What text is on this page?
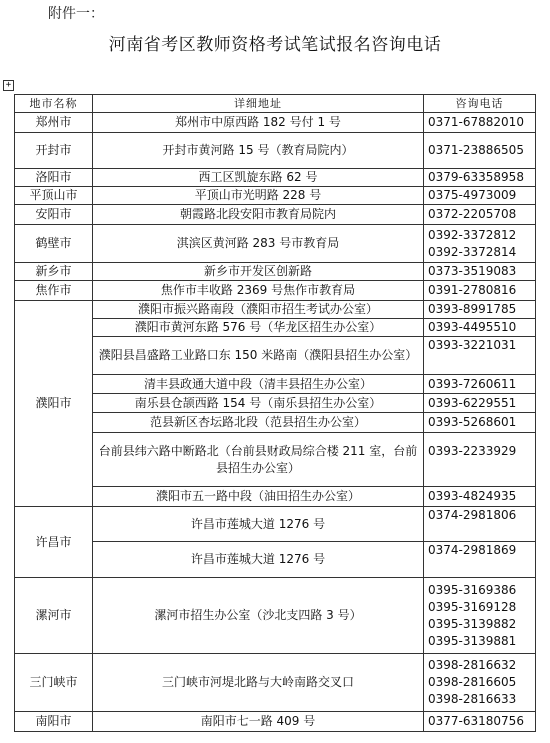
附件一：
河南省考区教师资格考试笔试报名咨询电话
+
地市名称	详细地址	咨询电话
郑州市	郑州市中原西路 182 号付 1 号	0371-67882010
开封市	开封市黄河路 15 号（教育局院内）	0371-23886505
洛阳市	西工区凯旋东路 62 号	0379-63358958
平顶山市	平顶山市光明路 228 号	0375-4973009
安阳市	朝霞路北段安阳市教育局院内	0372-2205708
鹤壁市	淇滨区黄河路 283 号市教育局	0392-3372812
0392-3372814

新乡市	新乡市开发区创新路	0373-3519083
焦作市	焦作市丰收路 2369 号焦作市教育局	0391-2780816
濮阳市	濮阳市振兴路南段（濮阳市招生考试办公室）	0393-8991785
	濮阳市黄河东路 576 号（华龙区招生办公室）	0393-4495510
	濮阳县昌盛路工业路口东 150 米路南（濮阳县招生办公室）	0393-3221031
	清丰县政通大道中段（清丰县招生办公室）	0393-7260611
	南乐县仓颉西路 154 号（南乐县招生办公室）	0393-6229551
	范县新区杏坛路北段（范县招生办公室）	0393-5268601
	台前县纬六路中断路北（台前县财政局综合楼 211 室，台前县招生办公室）	0393-2233929
	濮阳市五一路中段（油田招生办公室）	0393-4824935
许昌市	许昌市莲城大道 1276 号	0374-2981806
	许昌市莲城大道 1276 号	0374-2981869
漯河市	漯河市招生办公室（沙北支四路 3 号）	0395-3169386
0395-3169128
0395-3139882
0395-3139881

三门峡市	三门峡市河堤北路与大岭南路交叉口	0398-2816632
0398-2816605
0398-2816633

南阳市	南阳市七一路 409 号	0377-63180756
